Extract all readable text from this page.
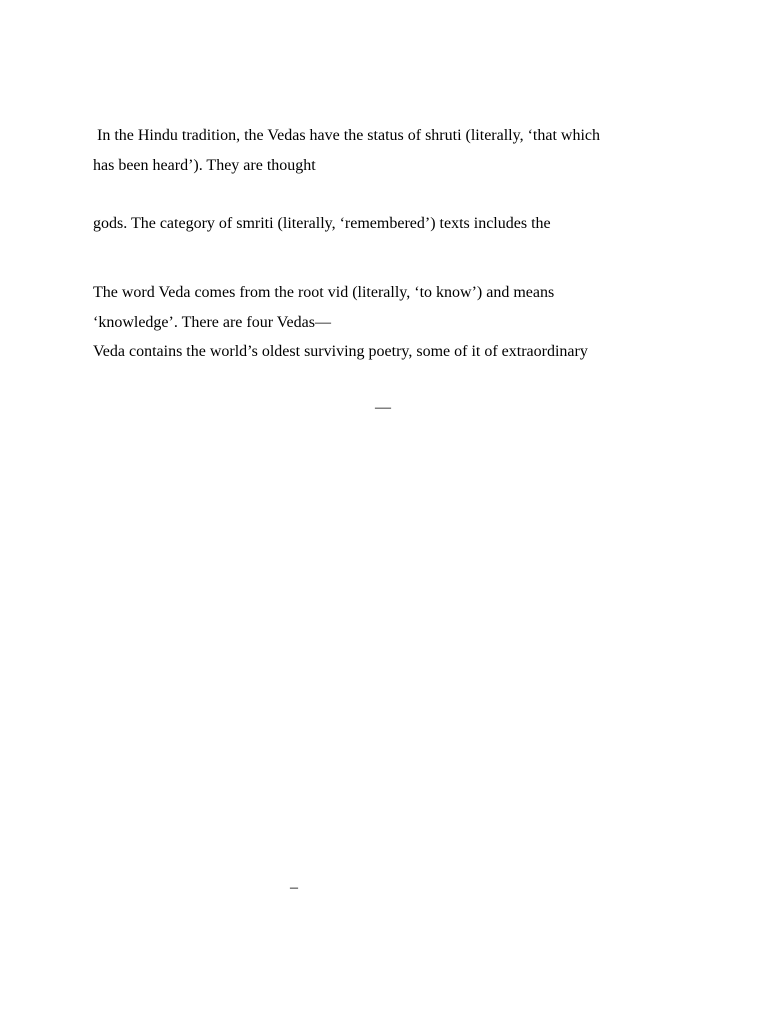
In the Hindu tradition, the Vedas have the status of shruti (literally, ‘that which
has been heard’). They are thought
gods. The category of smriti (literally, ‘remembered’) texts includes the
The word Veda comes from the root vid (literally, ‘to know’) and means
‘knowledge’. There are four Vedas—
Veda contains the world’s oldest surviving poetry, some of it of extraordinary
—
–
